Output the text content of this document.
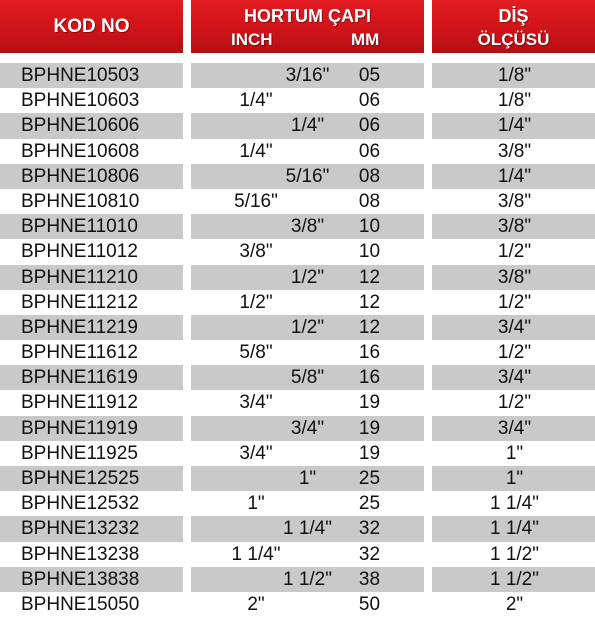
KOD NO	HORTUM ÇAPI
INCH	MM
DİŞ
ÖLÇÜSÜ
BPHNE10503	3/16"	05	1/8"
BPHNE10603	1/4"	06	1/8"
BPHNE10606	1/4"	06	1/4"
BPHNE10608	1/4"	06	3/8"
BPHNE10806	5/16"	08	1/4"
BPHNE10810	5/16"	08	3/8"
BPHNE11010	3/8"	10	3/8"
BPHNE11012	3/8"	10	1/2"
BPHNE11210	1/2"	12	3/8"
BPHNE11212	1/2"	12	1/2"
BPHNE11219	1/2"	12	3/4"
BPHNE11612	5/8"	16	1/2"
BPHNE11619	5/8"	16	3/4"
BPHNE11912	3/4"	19	1/2"
BPHNE11919	3/4"	19	3/4"
BPHNE11925	3/4"	19	1"
BPHNE12525	1"	25	1"
BPHNE12532	1"	25	1 1/4"
BPHNE13232	1 1/4"	32	1 1/4"
BPHNE13238	1 1/4"	32	1 1/2"
BPHNE13838	1 1/2"	38	1 1/2"
BPHNE15050	2"	50	2"
